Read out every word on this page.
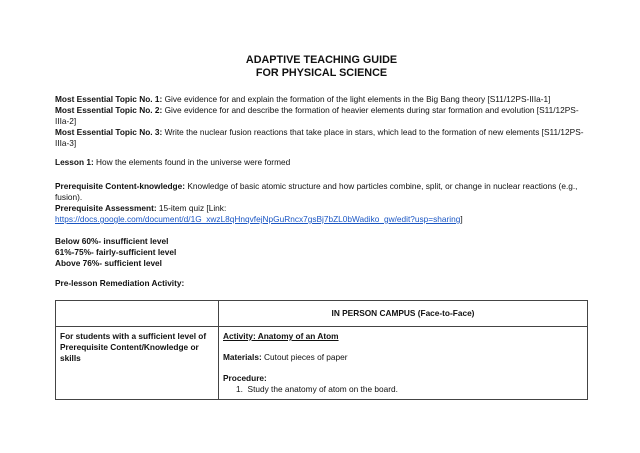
ADAPTIVE TEACHING GUIDE
FOR PHYSICAL SCIENCE
Most Essential Topic No. 1: Give evidence for and explain the formation of the light elements in the Big Bang theory [S11/12PS-IIIa-1]
Most Essential Topic No. 2: Give evidence for and describe the formation of heavier elements during star formation and evolution [S11/12PS-IIIa-2]
Most Essential Topic No. 3: Write the nuclear fusion reactions that take place in stars, which lead to the formation of new elements [S11/12PS-IIIa-3]
Lesson 1: How the elements found in the universe were formed
Prerequisite Content-knowledge: Knowledge of basic atomic structure and how particles combine, split, or change in nuclear reactions (e.g., fusion).
Prerequisite Assessment: 15-item quiz [Link: https://docs.google.com/document/d/1G_xwzL8qHnqvfejNpGuRncx7gsBj7bZL0bWadiko_gw/edit?usp=sharing]
Below 60%- insufficient level
61%-75%- fairly-sufficient level
Above 76%- sufficient level
Pre-lesson Remediation Activity:
	IN PERSON CAMPUS (Face-to-Face)
For students with a sufficient level of Prerequisite Content/Knowledge or skills	Activity: Anatomy of an Atom
Materials: Cutout pieces of paper
Procedure:
1.  Study the anatomy of atom on the board.
